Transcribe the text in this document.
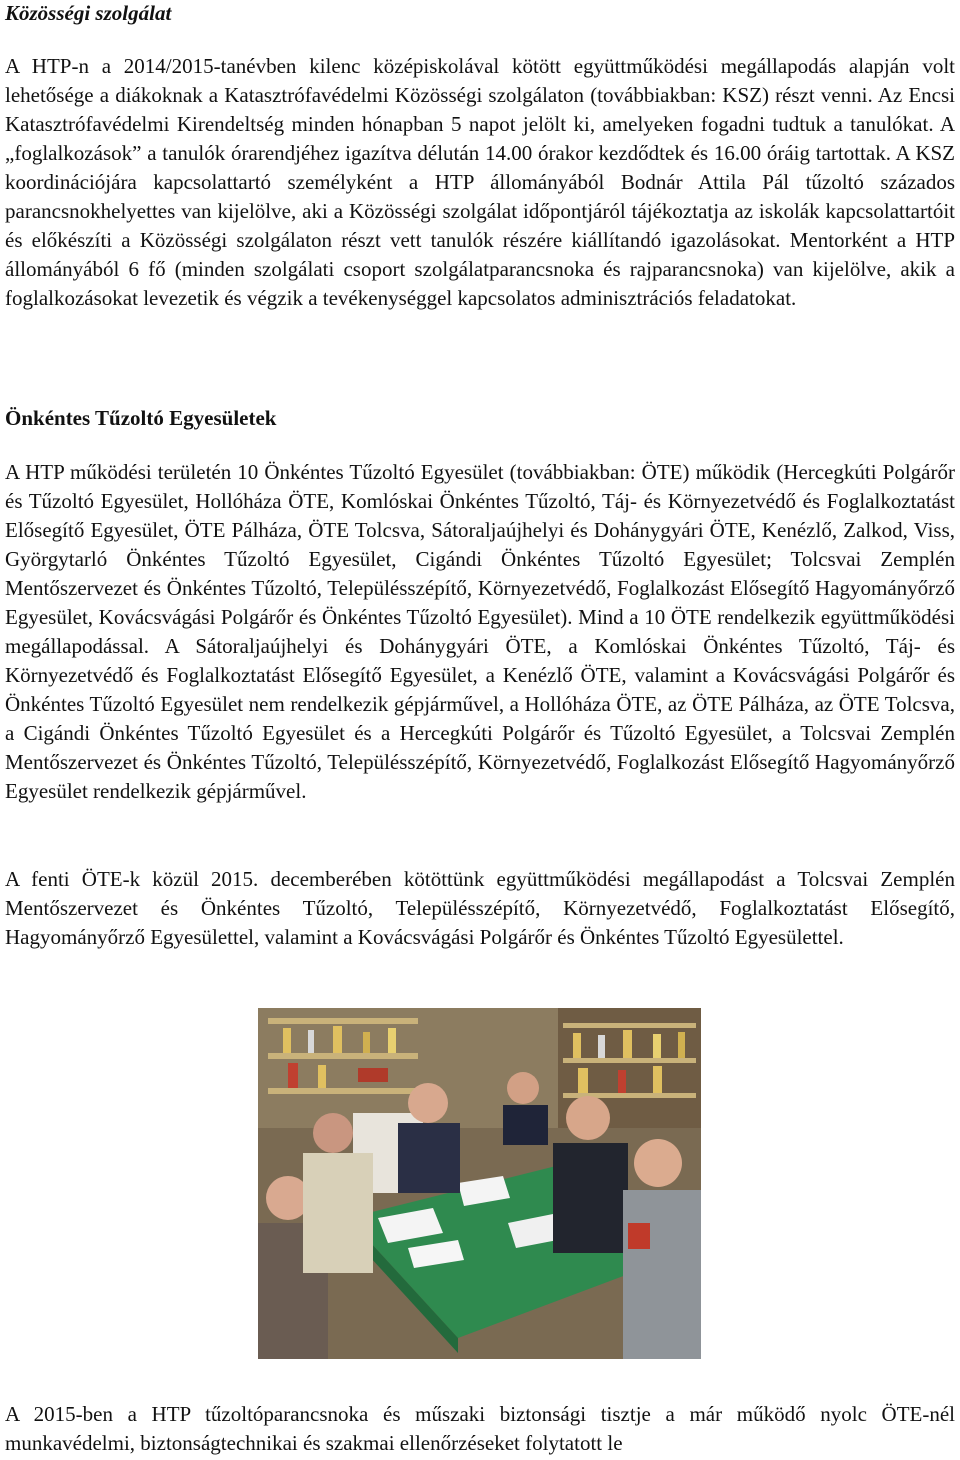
Közösségi szolgálat

A HTP-n a 2014/2015-tanévben kilenc középiskolával kötött együttműködési megállapodás alapján volt lehetősége a diákoknak a Katasztrófavédelmi Közösségi szolgálaton (továbbiakban: KSZ) részt venni. Az Encsi Katasztrófavédelmi Kirendeltség minden hónapban 5 napot jelölt ki, amelyeken fogadni tudtuk a tanulókat. A „foglalkozások” a tanulók órarendjéhez igazítva délután 14.00 órakor kezdődtek és 16.00 óráig tartottak. A KSZ koordinációjára kapcsolattartó személyként a HTP állományából Bodnár Attila Pál tűzoltó százados parancsnokhelyettes van kijelölve, aki a Közösségi szolgálat időpontjáról tájékoztatja az iskolák kapcsolattartóit és előkészíti a Közösségi szolgálaton részt vett tanulók részére kiállítandó igazolásokat. Mentorként a HTP állományából 6 fő (minden szolgálati csoport szolgálatparancsnoka és rajparancsnoka) van kijelölve, akik a foglalkozásokat levezetik és végzik a tevékenységgel kapcsolatos adminisztrációs feladatokat.

Önkéntes Tűzoltó Egyesületek

A HTP működési területén 10 Önkéntes Tűzoltó Egyesület (továbbiakban: ÖTE) működik (Hercegkúti Polgárőr és Tűzoltó Egyesület, Hollóháza ÖTE, Komlóskai Önkéntes Tűzoltó, Táj- és Környezetvédő és Foglalkoztatást Elősegítő Egyesület, ÖTE Pálháza, ÖTE Tolcsva, Sátoraljaújhelyi és Dohánygyári ÖTE, Kenézlő, Zalkod, Viss, Györgytarló Önkéntes Tűzoltó Egyesület, Cigándi Önkéntes Tűzoltó Egyesület; Tolcsvai Zemplén Mentőszervezet és Önkéntes Tűzoltó, Településszépítő, Környezetvédő, Foglalkozást Elősegítő Hagyományőrző Egyesület, Kovácsvágási Polgárőr és Önkéntes Tűzoltó Egyesület). Mind a 10 ÖTE rendelkezik együttműködési megállapodással. A Sátoraljaújhelyi és Dohánygyári ÖTE, a Komlóskai Önkéntes Tűzoltó, Táj- és Környezetvédő és Foglalkoztatást Elősegítő Egyesület, a Kenézlő ÖTE, valamint a Kovácsvágási Polgárőr és Önkéntes Tűzoltó Egyesület nem rendelkezik gépjárművel, a Hollóháza ÖTE, az ÖTE Pálháza, az ÖTE Tolcsva, a Cigándi Önkéntes Tűzoltó Egyesület és a Hercegkúti Polgárőr és Tűzoltó Egyesület, a Tolcsvai Zemplén Mentőszervezet és Önkéntes Tűzoltó, Településszépítő, Környezetvédő, Foglalkozást Elősegítő Hagyományőrző Egyesület rendelkezik gépjárművel.

A fenti ÖTE-k közül 2015. decemberében kötöttünk együttműködési megállapodást a Tolcsvai Zemplén Mentőszervezet és Önkéntes Tűzoltó, Településszépítő, Környezetvédő, Foglalkoztatást Elősegítő, Hagyományőrző Egyesülettel, valamint a Kovácsvágási Polgárőr és Önkéntes Tűzoltó Egyesülettel.

A 2015-ben a HTP tűzoltóparancsnoka és műszaki biztonsági tisztje a már működő nyolc ÖTE-nél munkavédelmi, biztonságtechnikai és szakmai ellenőrzéseket folytatott le
